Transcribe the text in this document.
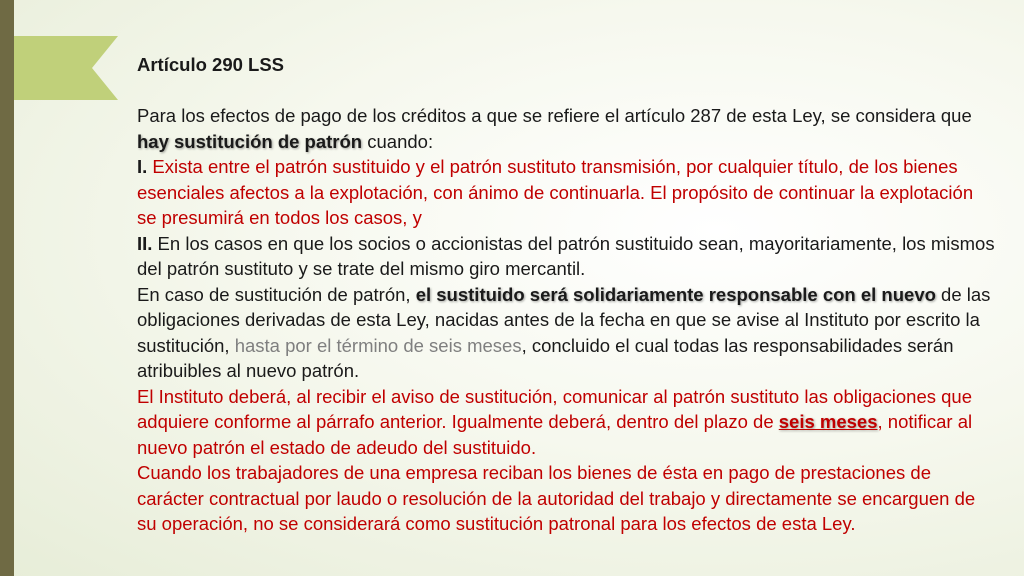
Artículo 290 LSS

Para los efectos de pago de los créditos a que se refiere el artículo 287 de esta Ley, se considera que hay sustitución de patrón cuando:

I. Exista entre el patrón sustituido y el patrón sustituto transmisión, por cualquier título, de los bienes esenciales afectos a la explotación, con ánimo de continuarla. El propósito de continuar la explotación se presumirá en todos los casos, y

II. En los casos en que los socios o accionistas del patrón sustituido sean, mayoritariamente, los mismos del patrón sustituto y se trate del mismo giro mercantil.

En caso de sustitución de patrón, el sustituido será solidariamente responsable con el nuevo de las obligaciones derivadas de esta Ley, nacidas antes de la fecha en que se avise al Instituto por escrito la sustitución, hasta por el término de seis meses, concluido el cual todas las responsabilidades serán atribuibles al nuevo patrón.

El Instituto deberá, al recibir el aviso de sustitución, comunicar al patrón sustituto las obligaciones que adquiere conforme al párrafo anterior. Igualmente deberá, dentro del plazo de seis meses, notificar al nuevo patrón el estado de adeudo del sustituido.

Cuando los trabajadores de una empresa reciban los bienes de ésta en pago de prestaciones de carácter contractual por laudo o resolución de la autoridad del trabajo y directamente se encarguen de su operación, no se considerará como sustitución patronal para los efectos de esta Ley.
